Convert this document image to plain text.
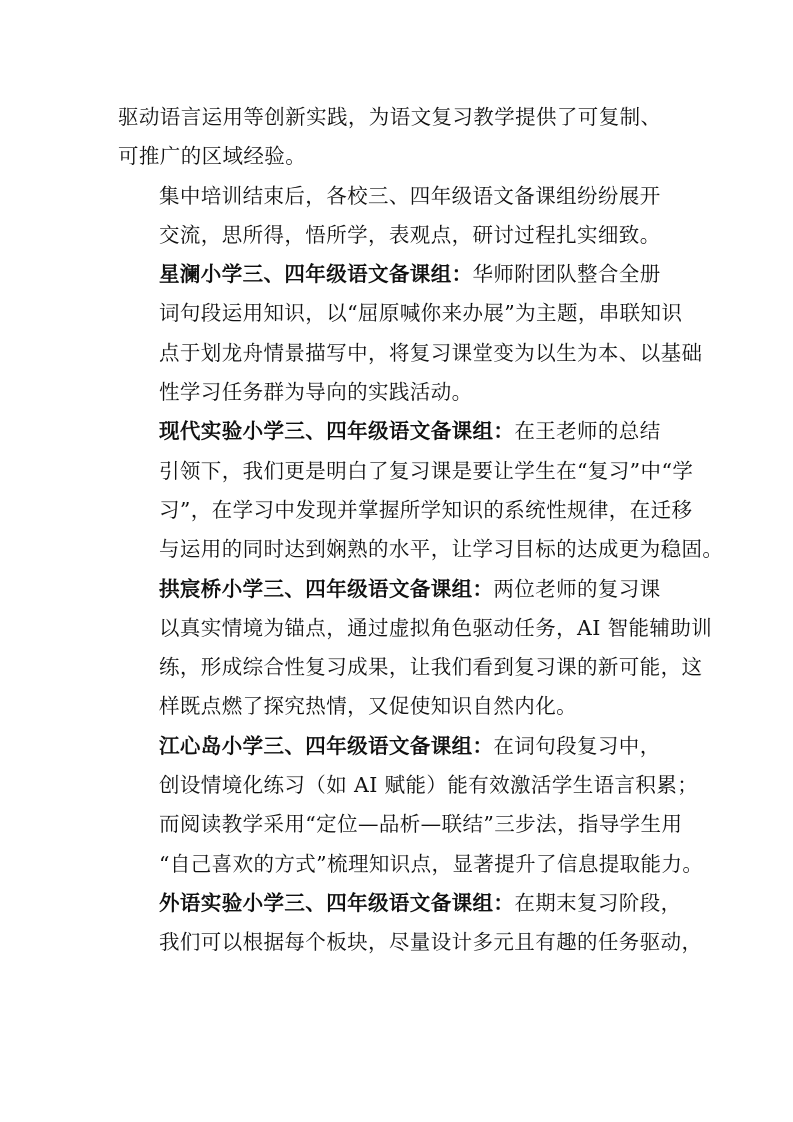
驱动语言运用等创新实践，为语文复习教学提供了可复制、
可推广的区域经验。

集中培训结束后，各校三、四年级语文备课组纷纷展开
交流，思所得，悟所学，表观点，研讨过程扎实细致。

星澜小学三、四年级语文备课组：华师附团队整合全册
词句段运用知识，以“屈原喊你来办展”为主题，串联知识
点于划龙舟情景描写中，将复习课堂变为以生为本、以基础
性学习任务群为导向的实践活动。

现代实验小学三、四年级语文备课组：在王老师的总结
引领下，我们更是明白了复习课是要让学生在“复习”中“学
习”，在学习中发现并掌握所学知识的系统性规律，在迁移
与运用的同时达到娴熟的水平，让学习目标的达成更为稳固。

拱宸桥小学三、四年级语文备课组：两位老师的复习课
以真实情境为锚点，通过虚拟角色驱动任务，AI 智能辅助训
练，形成综合性复习成果，让我们看到复习课的新可能，这
样既点燃了探究热情，又促使知识自然内化。

江心岛小学三、四年级语文备课组：在词句段复习中，
创设情境化练习（如 AI 赋能）能有效激活学生语言积累；
而阅读教学采用“定位—品析—联结”三步法，指导学生用
“自己喜欢的方式”梳理知识点，显著提升了信息提取能力。

外语实验小学三、四年级语文备课组：在期末复习阶段，
我们可以根据每个板块，尽量设计多元且有趣的任务驱动，
